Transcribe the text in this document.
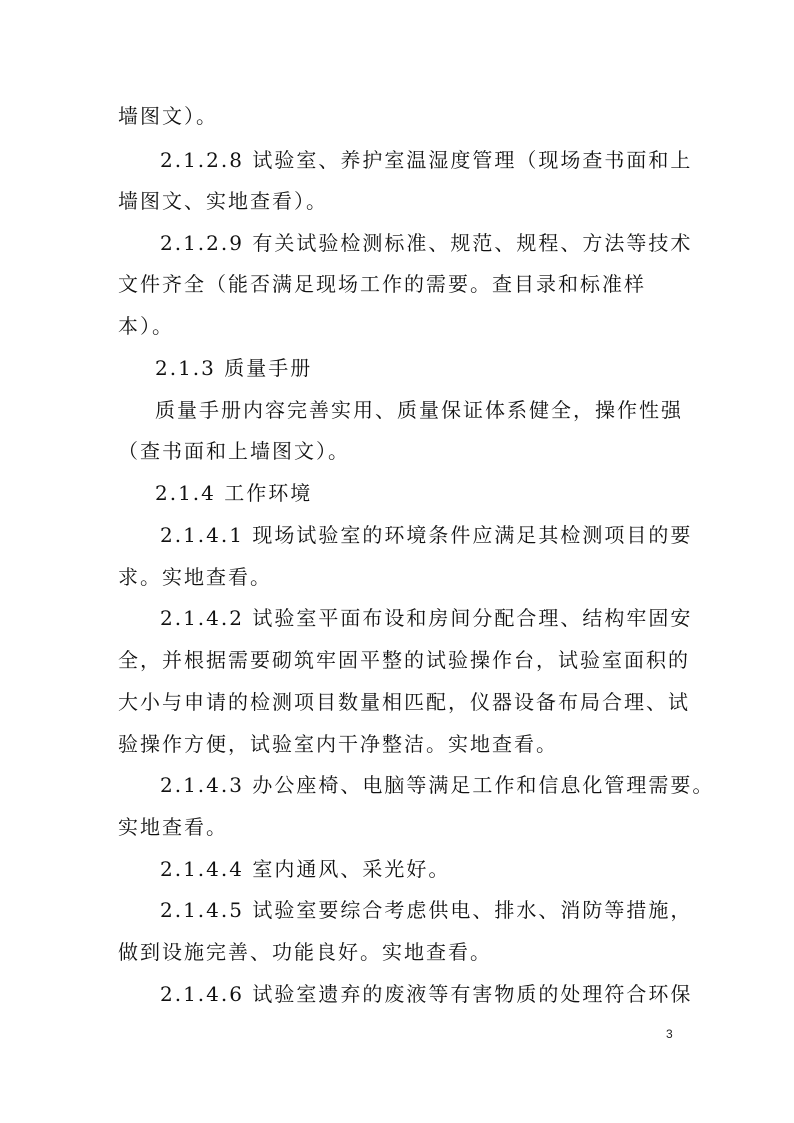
墙图文）。
2.1.2.8 试验室、养护室温湿度管理（现场查书面和上
墙图文、实地查看）。
2.1.2.9 有关试验检测标准、规范、规程、方法等技术
文件齐全（能否满足现场工作的需要。查目录和标准样
本）。
2.1.3 质量手册
质量手册内容完善实用、质量保证体系健全，操作性强
（查书面和上墙图文）。
2.1.4 工作环境
2.1.4.1 现场试验室的环境条件应满足其检测项目的要
求。实地查看。
2.1.4.2 试验室平面布设和房间分配合理、结构牢固安
全，并根据需要砌筑牢固平整的试验操作台，试验室面积的
大小与申请的检测项目数量相匹配，仪器设备布局合理、试
验操作方便，试验室内干净整洁。实地查看。
2.1.4.3 办公座椅、电脑等满足工作和信息化管理需要。
实地查看。
2.1.4.4 室内通风、采光好。
2.1.4.5 试验室要综合考虑供电、排水、消防等措施，
做到设施完善、功能良好。实地查看。
2.1.4.6 试验室遗弃的废液等有害物质的处理符合环保
3
